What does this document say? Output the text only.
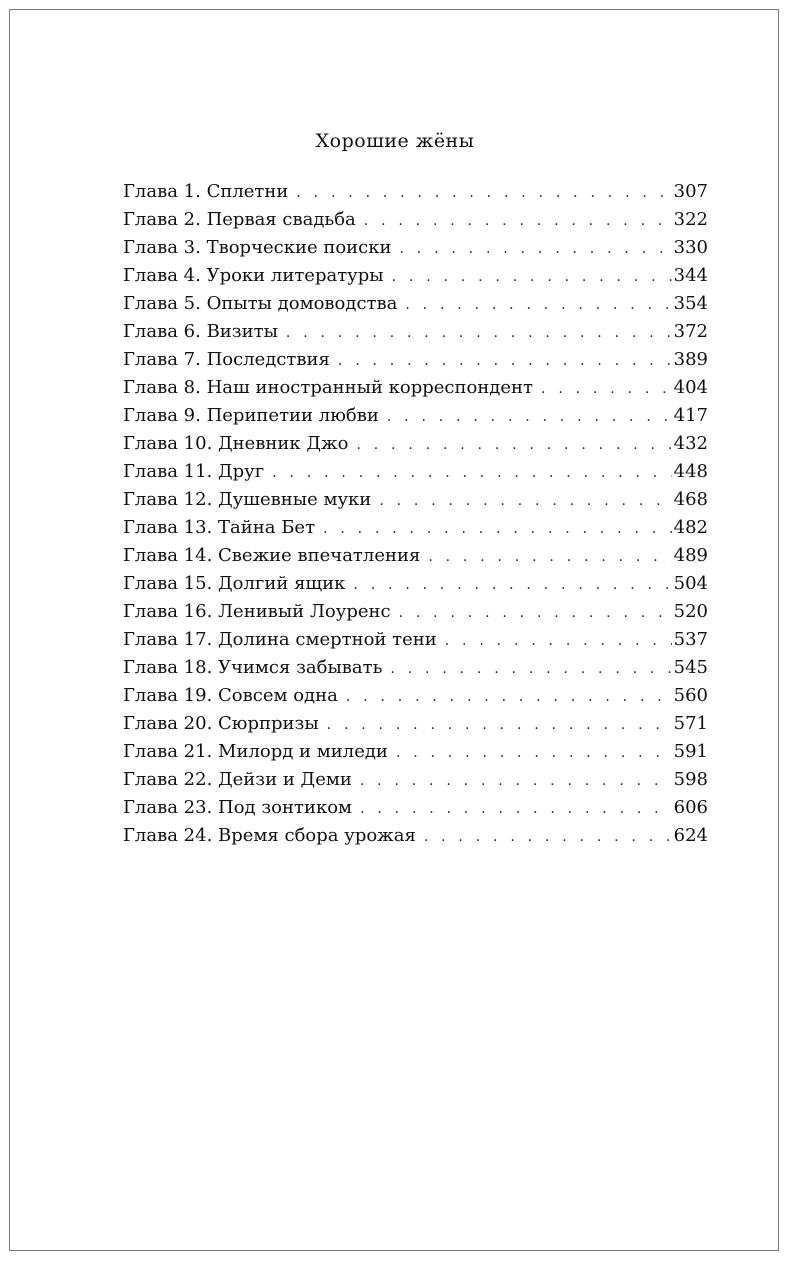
Хорошие жёны
Глава 1. Сплетни . . .	307
Глава 2. Первая свадьба . . .	322
Глава 3. Творческие поиски . . .	330
Глава 4. Уроки литературы . . .	344
Глава 5. Опыты домоводства . . .	354
Глава 6. Визиты . . .	372
Глава 7. Последствия . . .	389
Глава 8. Наш иностранный корреспондент . . .	404
Глава 9. Перипетии любви . . .	417
Глава 10. Дневник Джо . . .	432
Глава 11. Друг . . .	448
Глава 12. Душевные муки . . .	468
Глава 13. Тайна Бет . . .	482
Глава 14. Свежие впечатления . . .	489
Глава 15. Долгий ящик . . .	504
Глава 16. Ленивый Лоуренс . . .	520
Глава 17. Долина смертной тени . . .	537
Глава 18. Учимся забывать . . .	545
Глава 19. Совсем одна . . .	560
Глава 20. Сюрпризы . . .	571
Глава 21. Милорд и миледи . . .	591
Глава 22. Дейзи и Деми . . .	598
Глава 23. Под зонтиком . . .	606
Глава 24. Время сбора урожая . . .	624
